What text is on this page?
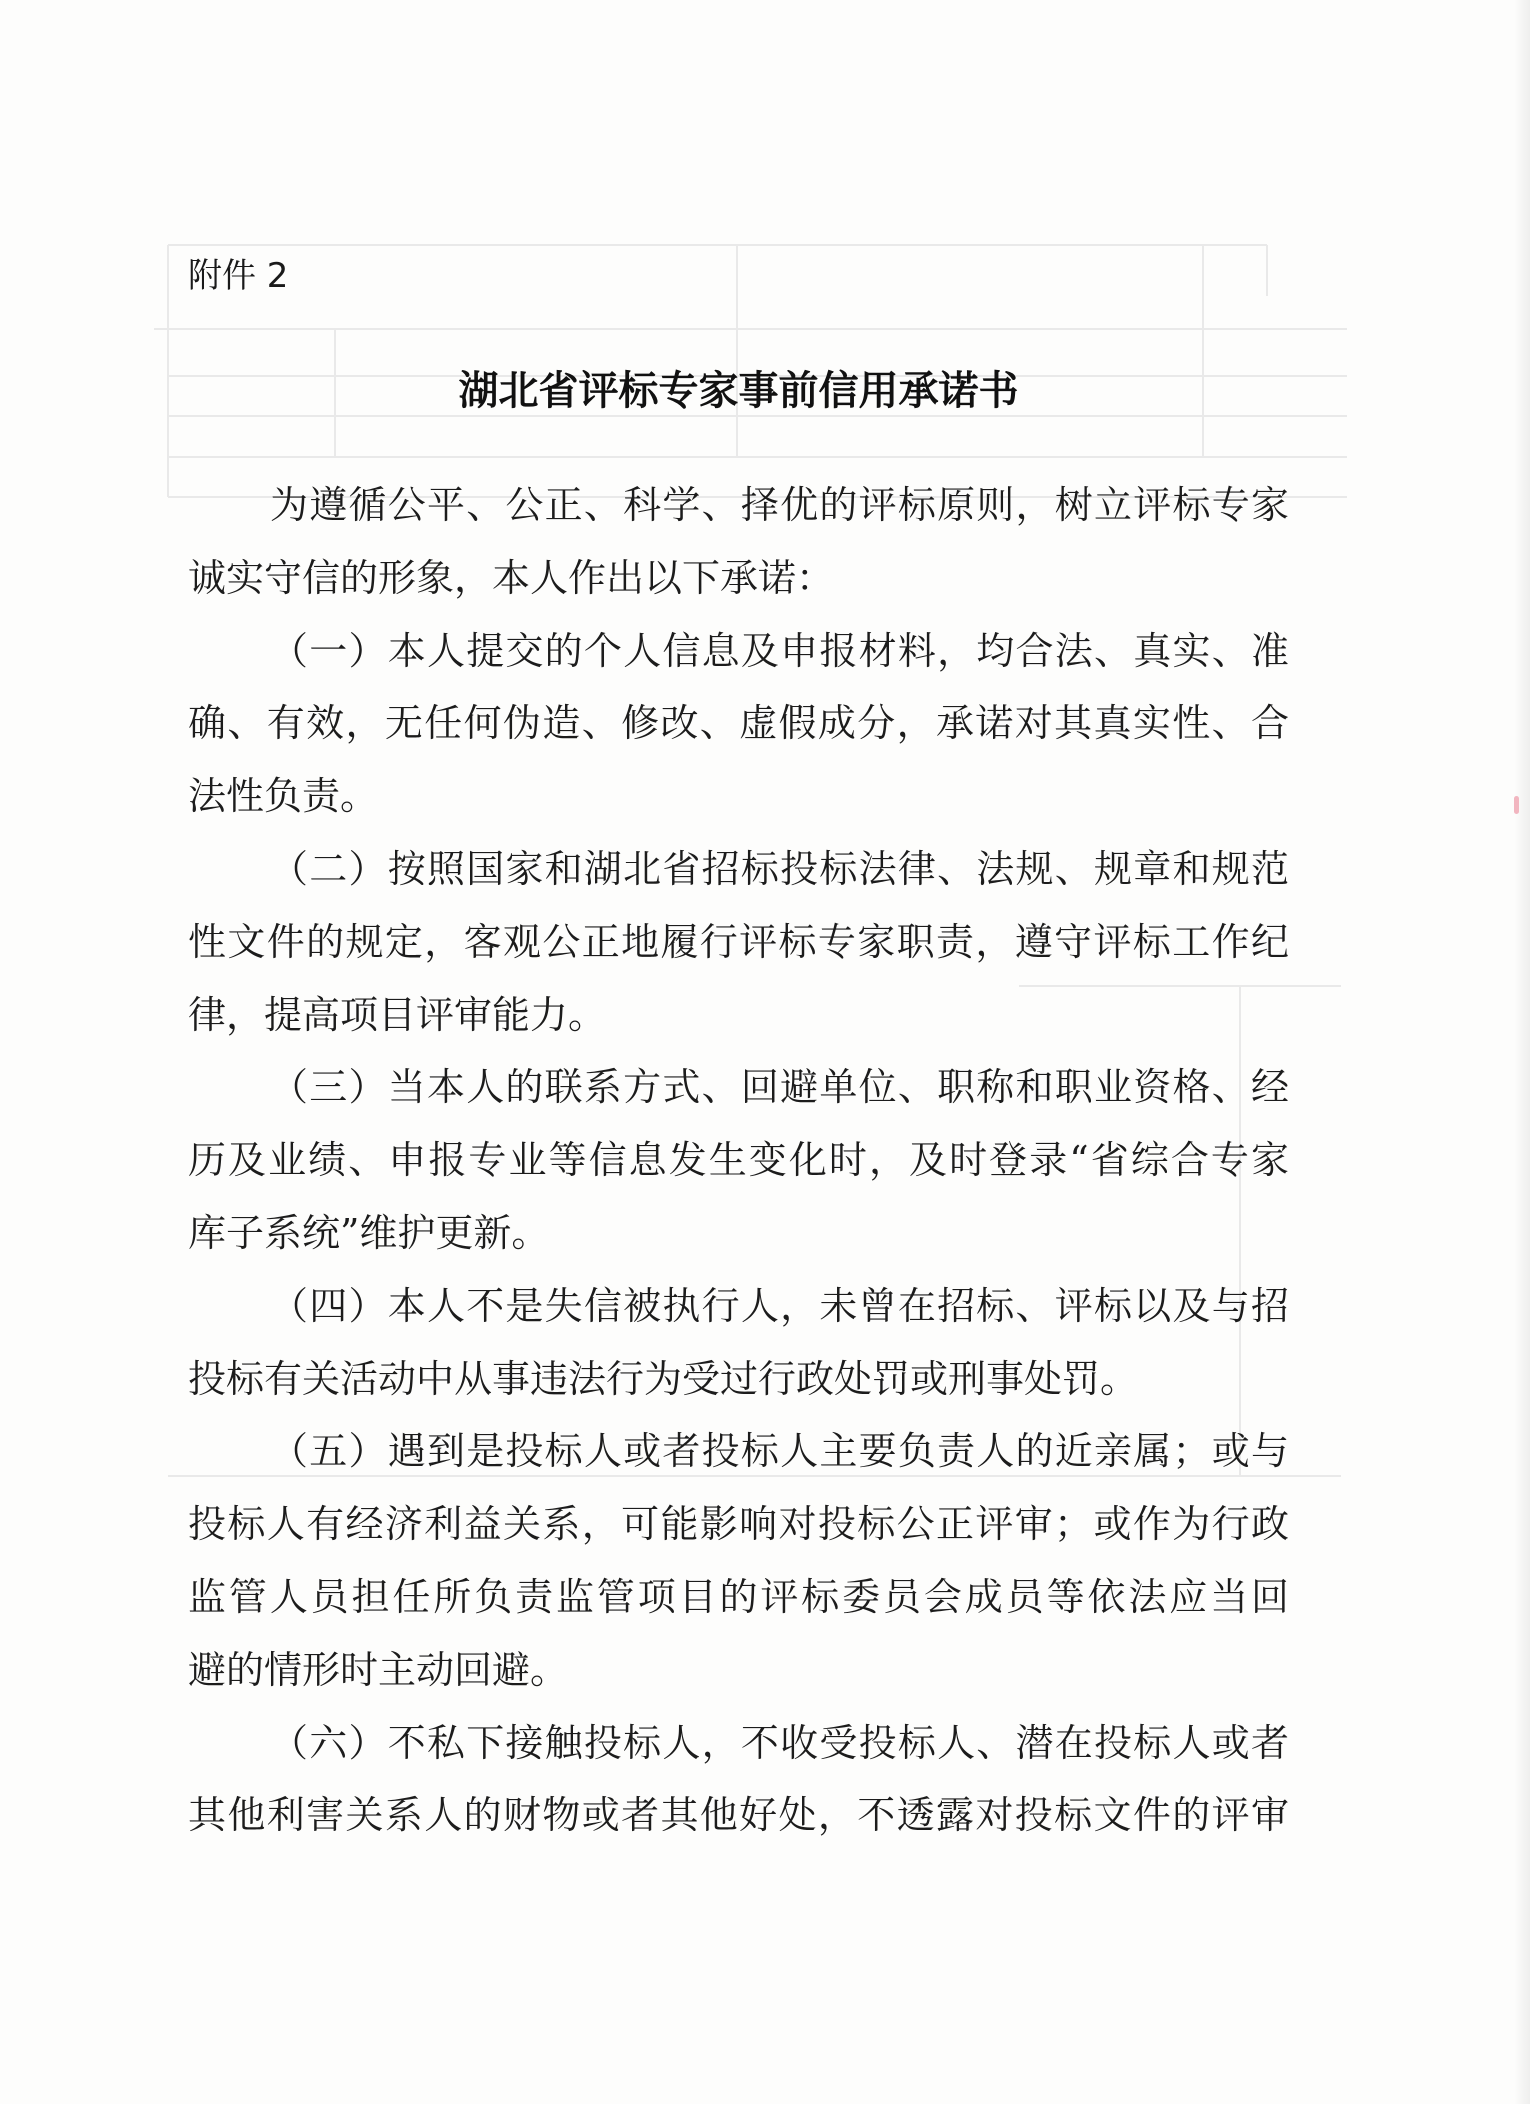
附件 2
湖北省评标专家事前信用承诺书
为遵循公平、公正、科学、择优的评标原则，树立评标专家
诚实守信的形象，本人作出以下承诺：
（一）本人提交的个人信息及申报材料，均合法、真实、准
确、有效，无任何伪造、修改、虚假成分，承诺对其真实性、合
法性负责。
（二）按照国家和湖北省招标投标法律、法规、规章和规范
性文件的规定，客观公正地履行评标专家职责，遵守评标工作纪
律，提高项目评审能力。
（三）当本人的联系方式、回避单位、职称和职业资格、经
历及业绩、申报专业等信息发生变化时，及时登录“省综合专家
库子系统”维护更新。
（四）本人不是失信被执行人，未曾在招标、评标以及与招
投标有关活动中从事违法行为受过行政处罚或刑事处罚。
（五）遇到是投标人或者投标人主要负责人的近亲属；或与
投标人有经济利益关系，可能影响对投标公正评审；或作为行政
监管人员担任所负责监管项目的评标委员会成员等依法应当回
避的情形时主动回避。
（六）不私下接触投标人，不收受投标人、潜在投标人或者
其他利害关系人的财物或者其他好处，不透露对投标文件的评审
